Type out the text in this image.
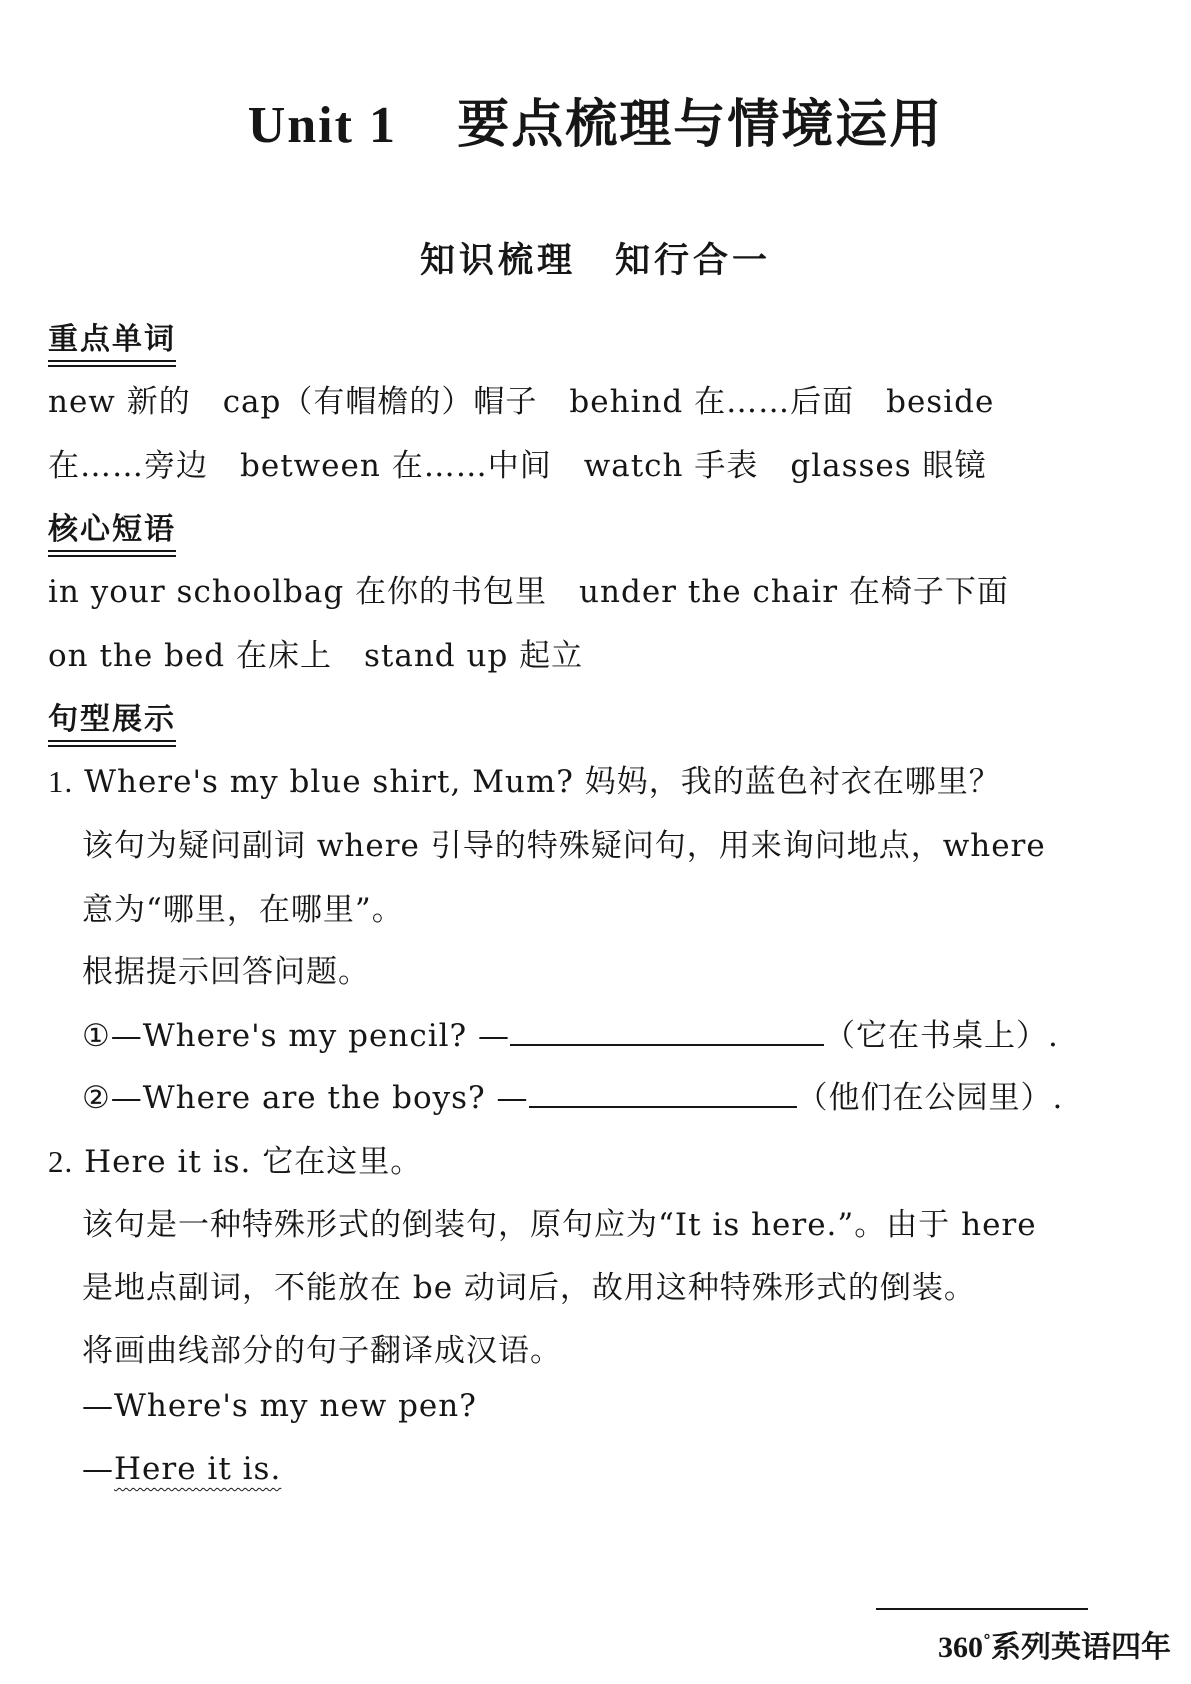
Unit 1 要点梳理与情境运用
知识梳理　知行合一
重点单词
new 新的　cap（有帽檐的）帽子　behind 在……后面　beside
在……旁边　between 在……中间　watch 手表　glasses 眼镜
核心短语
in your schoolbag 在你的书包里　under the chair 在椅子下面
on the bed 在床上　stand up 起立
句型展示
1. Where's my blue shirt, Mum? 妈妈，我的蓝色衬衣在哪里？
该句为疑问副词 where 引导的特殊疑问句，用来询问地点，where
意为“哪里，在哪里”。
根据提示回答问题。
①—Where's my pencil? —	（它在书桌上）.
②—Where are the boys? —	（他们在公园里）.
2. Here it is. 它在这里。
该句是一种特殊形式的倒装句，原句应为“It is here.”。由于 here
是地点副词，不能放在 be 动词后，故用这种特殊形式的倒装。
将画曲线部分的句子翻译成汉语。
—Where's my new pen?
—Here it is.
360°系列英语四年
